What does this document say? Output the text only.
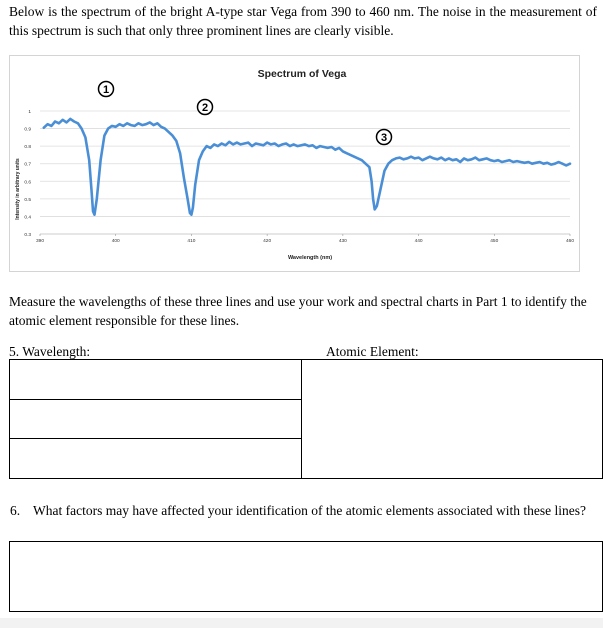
Below is the spectrum of the bright A-type star Vega from 390 to 460 nm. The noise in the measurement of this spectrum is such that only three prominent lines are clearly visible.
Spectrum of Vega
Wavelength (nm)
Intensity in arbitrary units
0.3
0.4
0.5
0.6
0.7
0.8
0.9
1
390	400	410	420	430	440	450	460
1
2
3
Measure the wavelengths of these three lines and use your work and spectral charts in Part 1 to identify the atomic element responsible for these lines.
5. Wavelength:	Atomic Element:
6. What factors may have affected your identification of the atomic elements associated with these lines?
